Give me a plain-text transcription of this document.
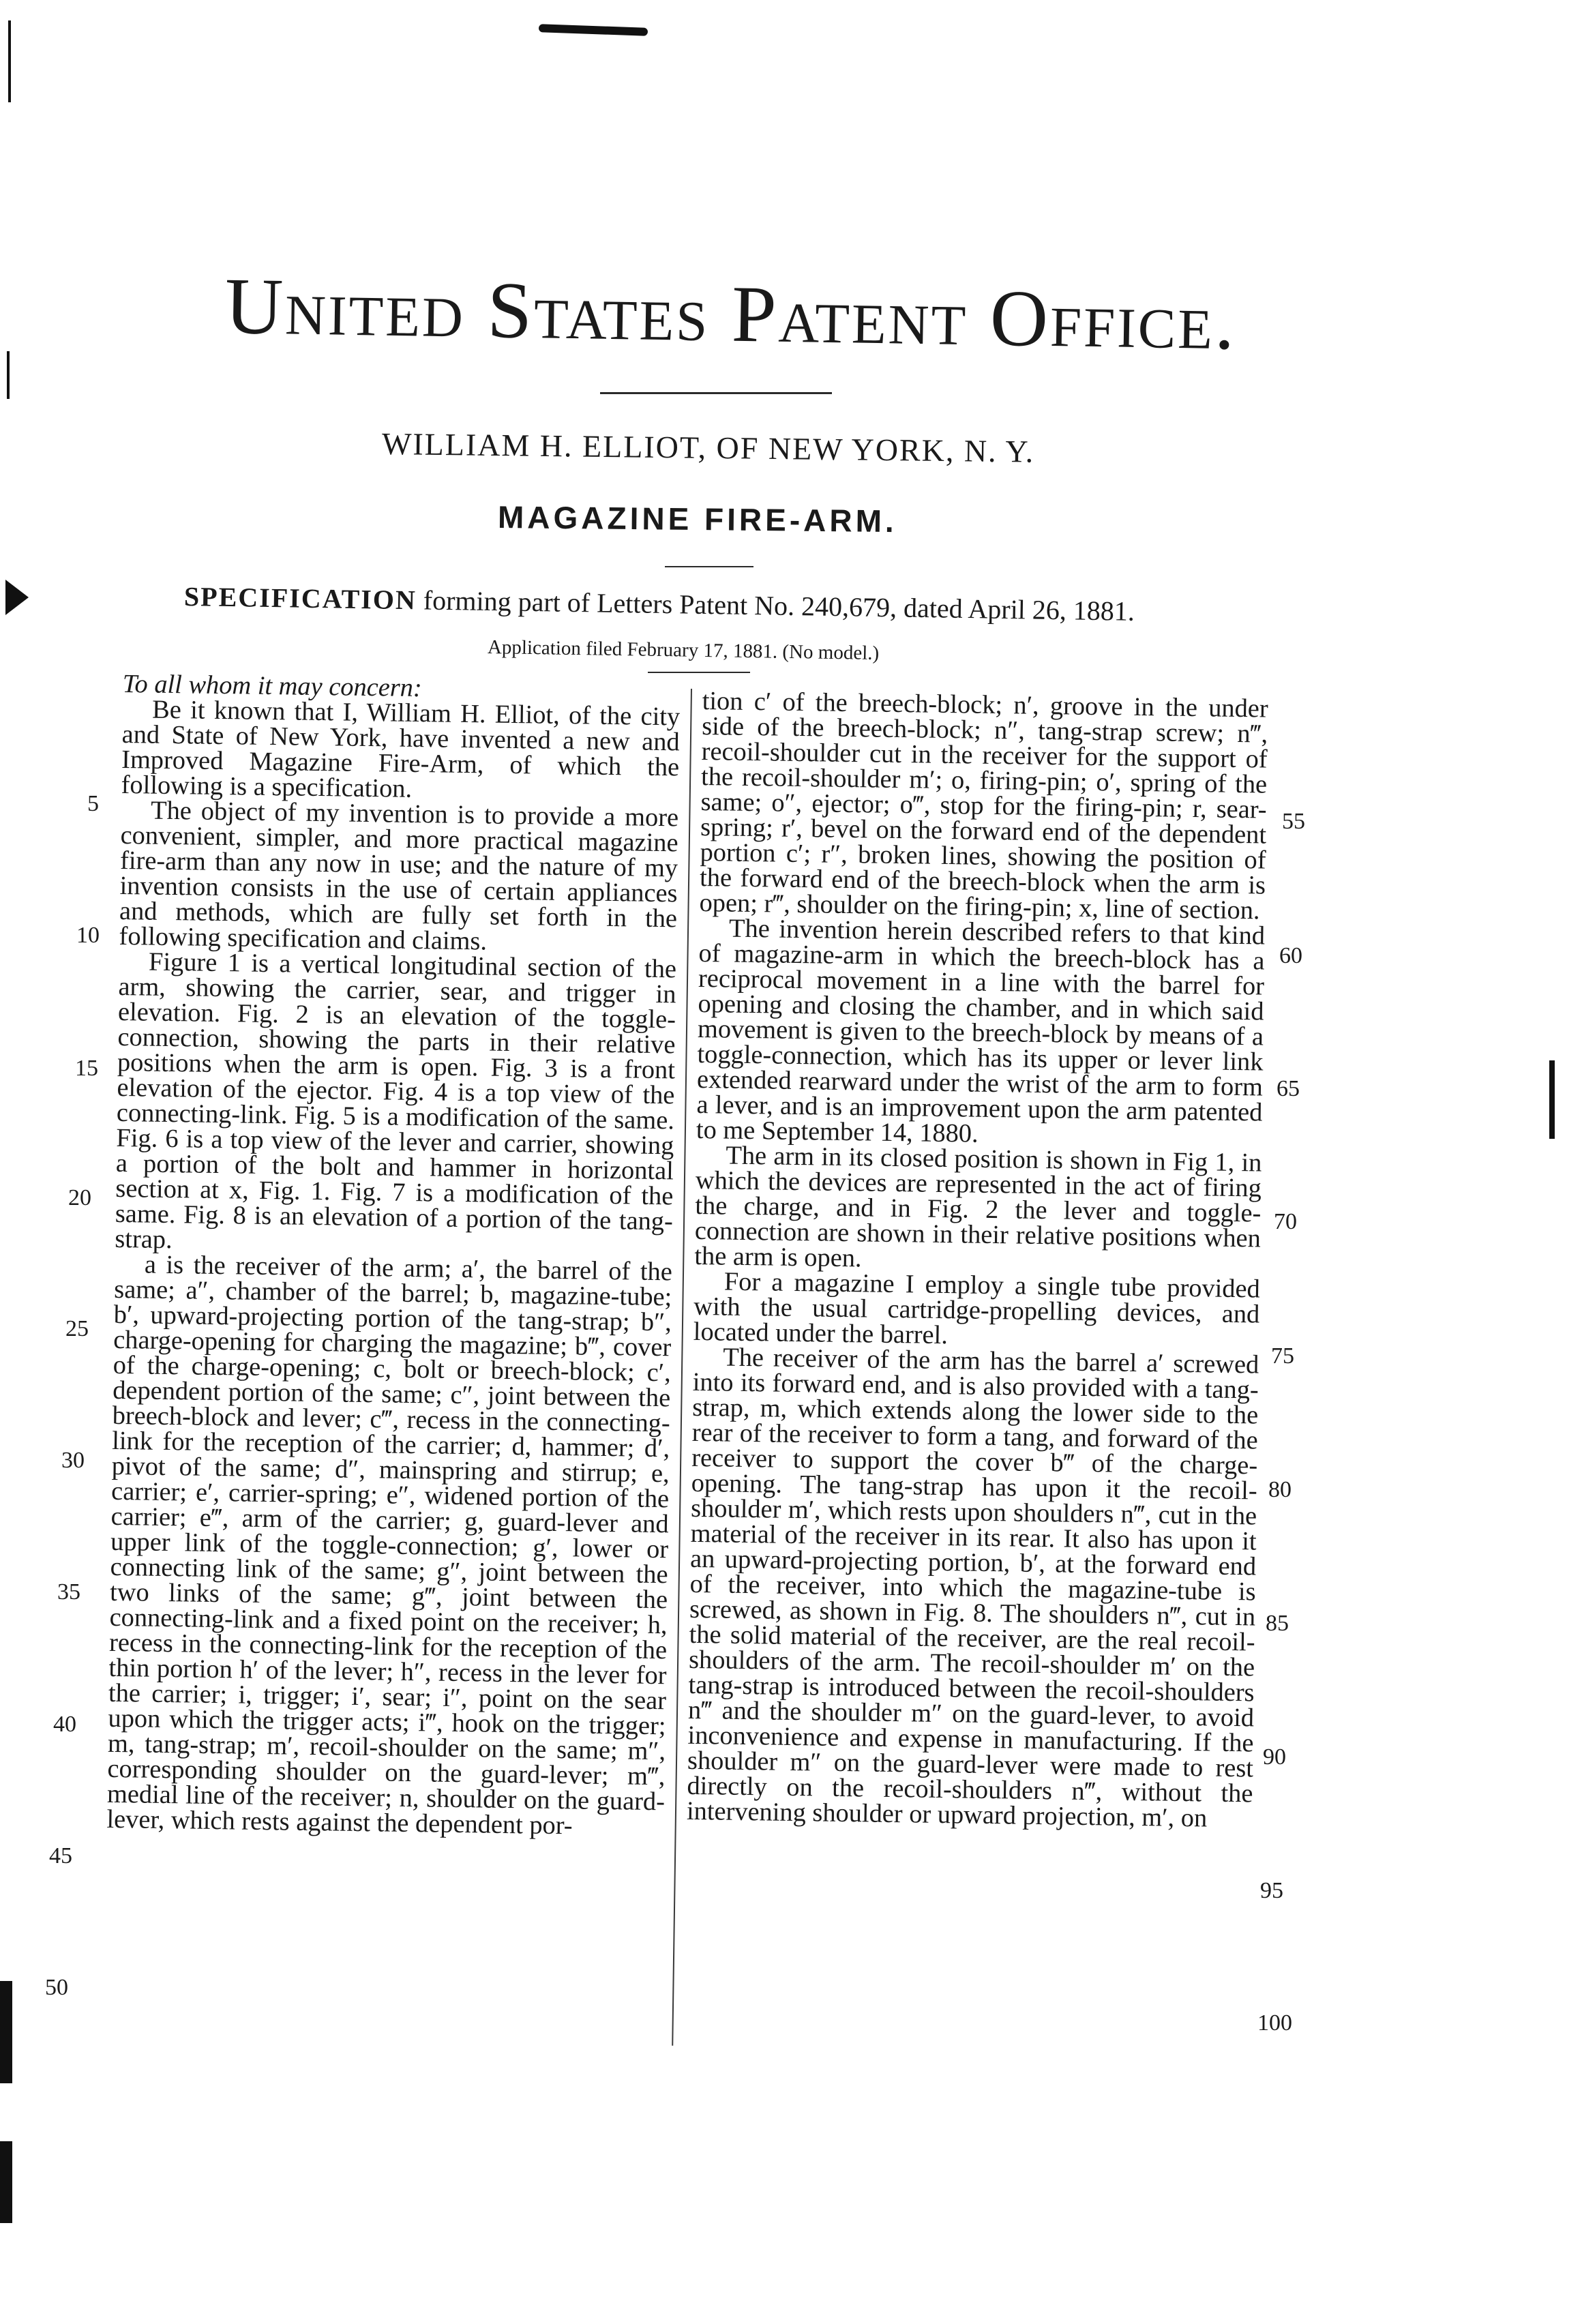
United States Patent Office.
WILLIAM H. ELLIOT, OF NEW YORK, N. Y.
MAGAZINE FIRE-ARM.
SPECIFICATION forming part of Letters Patent No. 240,679, dated April 26, 1881.
Application filed February 17, 1881. (No model.)

To all whom it may concern:

Be it known that I, William H. Elliot, of the city and State of New York, have invented a new and Improved Magazine Fire-Arm, of which the following is a specification.

The object of my invention is to provide a more convenient, simpler, and more practical magazine fire-arm than any now in use; and the nature of my invention consists in the use of certain appliances and methods, which are fully set forth in the following specification and claims.

Figure 1 is a vertical longitudinal section of the arm, showing the carrier, sear, and trigger in elevation. Fig. 2 is an elevation of the toggle-connection, showing the parts in their relative positions when the arm is open. Fig. 3 is a front elevation of the ejector. Fig. 4 is a top view of the connecting-link. Fig. 5 is a modification of the same. Fig. 6 is a top view of the lever and carrier, showing a portion of the bolt and hammer in horizontal section at x, Fig. 1. Fig. 7 is a modification of the same. Fig. 8 is an elevation of a portion of the tang-strap.

a is the receiver of the arm; a′, the barrel of the same; a″, chamber of the barrel; b, magazine-tube; b′, upward-projecting portion of the tang-strap; b″, charge-opening for charging the magazine; b‴, cover of the charge-opening; c, bolt or breech-block; c′, dependent portion of the same; c″, joint between the breech-block and lever; c‴, recess in the connecting-link for the reception of the carrier; d, hammer; d′, pivot of the same; d″, mainspring and stirrup; e, carrier; e′, carrier-spring; e″, widened portion of the carrier; e‴, arm of the carrier; g, guard-lever and upper link of the toggle-connection; g′, lower or connecting link of the same; g″, joint between the two links of the same; g‴, joint between the connecting-link and a fixed point on the receiver; h, recess in the connecting-link for the reception of the thin portion h′ of the lever; h″, recess in the lever for the carrier; i, trigger; i′, sear; i″, point on the sear upon which the trigger acts; i‴, hook on the trigger; m, tang-strap; m′, recoil-shoulder on the same; m″, corresponding shoulder on the guard-lever; m‴, medial line of the receiver; n, shoulder on the guard-lever, which rests against the dependent por-

tion c′ of the breech-block; n′, groove in the under side of the breech-block; n″, tang-strap screw; n‴, recoil-shoulder cut in the receiver for the support of the recoil-shoulder m′; o, firing-pin; o′, spring of the same; o″, ejector; o‴, stop for the firing-pin; r, sear-spring; r′, bevel on the forward end of the dependent portion c′; r″, broken lines, showing the position of the forward end of the breech-block when the arm is open; r‴, shoulder on the firing-pin; x, line of section.

The invention herein described refers to that kind of magazine-arm in which the breech-block has a reciprocal movement in a line with the barrel for opening and closing the chamber, and in which said movement is given to the breech-block by means of a toggle-connection, which has its upper or lever link extended rearward under the wrist of the arm to form a lever, and is an improvement upon the arm patented to me September 14, 1880.

The arm in its closed position is shown in Fig 1, in which the devices are represented in the act of firing the charge, and in Fig. 2 the lever and toggle-connection are shown in their relative positions when the arm is open.

For a magazine I employ a single tube provided with the usual cartridge-propelling devices, and located under the barrel.

The receiver of the arm has the barrel a′ screwed into its forward end, and is also provided with a tang-strap, m, which extends along the lower side to the rear of the receiver to form a tang, and forward of the receiver to support the cover b‴ of the charge-opening. The tang-strap has upon it the recoil-shoulder m′, which rests upon shoulders n‴, cut in the material of the receiver in its rear. It also has upon it an upward-projecting portion, b′, at the forward end of the receiver, into which the magazine-tube is screwed, as shown in Fig. 8. The shoulders n‴, cut in the solid material of the receiver, are the real recoil-shoulders of the arm. The recoil-shoulder m′ on the tang-strap is introduced between the recoil-shoulders n‴ and the shoulder m″ on the guard-lever, to avoid inconvenience and expense in manufacturing. If the shoulder m″ on the guard-lever were made to rest directly on the recoil-shoulders n‴, without the intervening shoulder or upward projection, m′, on

5
10
15
20
25
30
35
40
45
50
55
60
65
70
75
80
85
90
95
100
